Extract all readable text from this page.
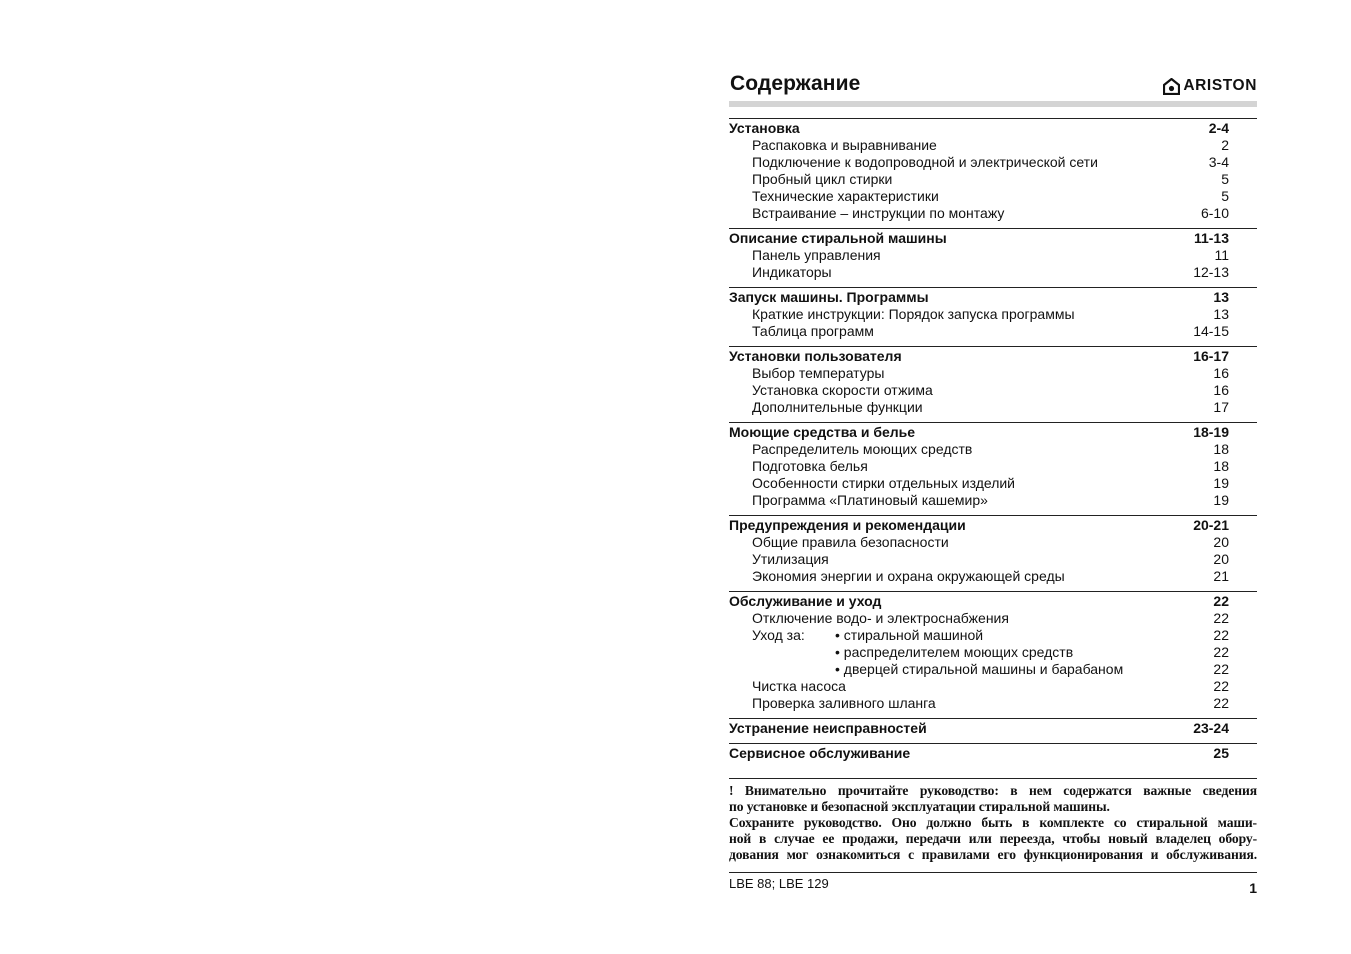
Содержание	ARISTON
Установка	2-4
Распаковка и выравнивание	2
Подключение к водопроводной и электрической сети	3-4
Пробный цикл стирки	5
Технические характеристики	5
Встраивание – инструкции по монтажу	6-10
Описание стиральной машины	11-13
Панель управления	11
Индикаторы	12-13
Запуск машины. Программы	13
Краткие инструкции: Порядок запуска программы	13
Таблица программ	14-15
Установки пользователя	16-17
Выбор температуры	16
Установка скорости отжима	16
Дополнительные функции	17
Моющие средства и белье	18-19
Распределитель моющих средств	18
Подготовка белья	18
Особенности стирки отдельных изделий	19
Программа «Платиновый кашемир»	19
Предупреждения и рекомендации	20-21
Общие правила безопасности	20
Утилизация	20
Экономия энергии и охрана окружающей среды	21
Обслуживание и уход	22
Отключение водо- и электроснабжения	22
Уход за: • стиральной машиной	22
• распределителем моющих средств	22
• дверцей стиральной машины и барабаном	22
Чистка насоса	22
Проверка заливного шланга	22
Устранение неисправностей	23-24
Сервисное обслуживание	25
! Внимательно прочитайте руководство: в нем содержатся важные сведения
по установке и безопасной эксплуатации стиральной машины.
Сохраните руководство. Оно должно быть в комплекте со стиральной маши-
ной в случае ее продажи, передачи или переезда, чтобы новый владелец обору-
дования мог ознакомиться с правилами его функционирования и обслуживания.
LBE 88; LBE 129	1
